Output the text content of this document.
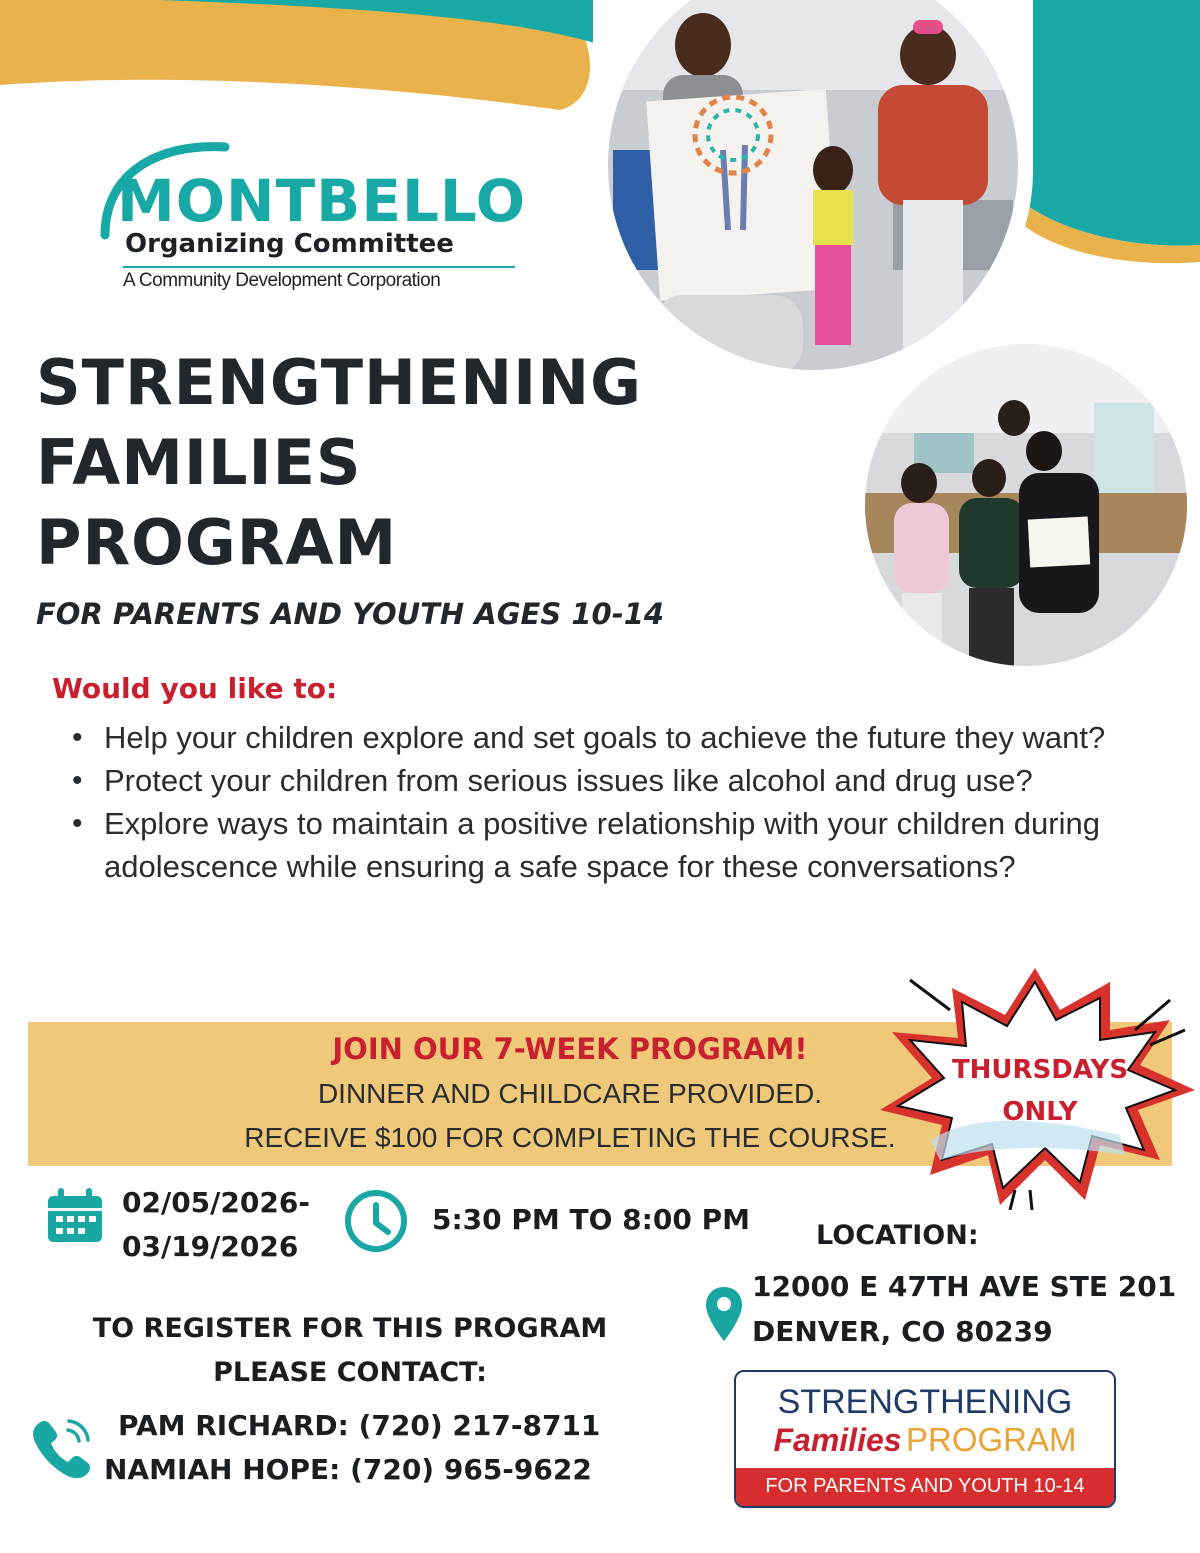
MONTBELLO
Organizing Committee
A Community Development Corporation
STRENGTHENING
FAMILIES
PROGRAM
FOR PARENTS AND YOUTH AGES 10-14
Would you like to:
• Help your children explore and set goals to achieve the future they want?
• Protect your children from serious issues like alcohol and drug use?
• Explore ways to maintain a positive relationship with your children during adolescence while ensuring a safe space for these conversations?
JOIN OUR 7-WEEK PROGRAM!
DINNER AND CHILDCARE PROVIDED.
RECEIVE $100 FOR COMPLETING THE COURSE.
THURSDAYS
ONLY
02/05/2026-
03/19/2026
5:30 PM TO 8:00 PM LOCATION:
12000 E 47TH AVE STE 201
DENVER, CO 80239
TO REGISTER FOR THIS PROGRAM
PLEASE CONTACT:
PAM RICHARD: (720) 217-8711
NAMIAH HOPE: (720) 965-9622
STRENGTHENING
Families PROGRAM
FOR PARENTS AND YOUTH 10-14
